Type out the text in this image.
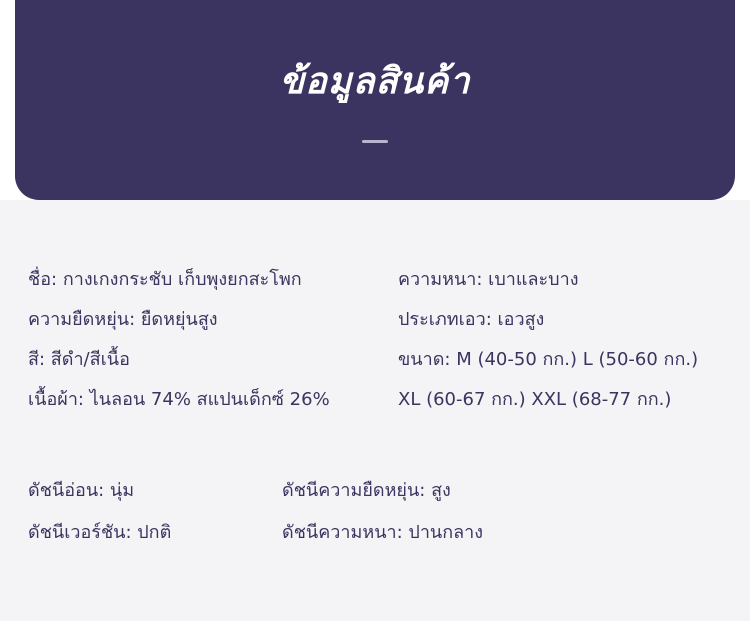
ข้อมูลสินค้า
ชื่อ: กางเกงกระชับ เก็บพุงยกสะโพก
ความยืดหยุ่น: ยืดหยุ่นสูง
สี: สีดำ/สีเนื้อ
เนื้อผ้า: ไนลอน 74% สแปนเด็กซ์ 26%
ความหนา: เบาและบาง
ประเภทเอว: เอวสูง
ขนาด: M (40-50 กก.) L (50-60 กก.)
XL (60-67 กก.) XXL (68-77 กก.)
ดัชนีอ่อน: นุ่ม
ดัชนีเวอร์ชัน: ปกติ
ดัชนีความยืดหยุ่น: สูง
ดัชนีความหนา: ปานกลาง
